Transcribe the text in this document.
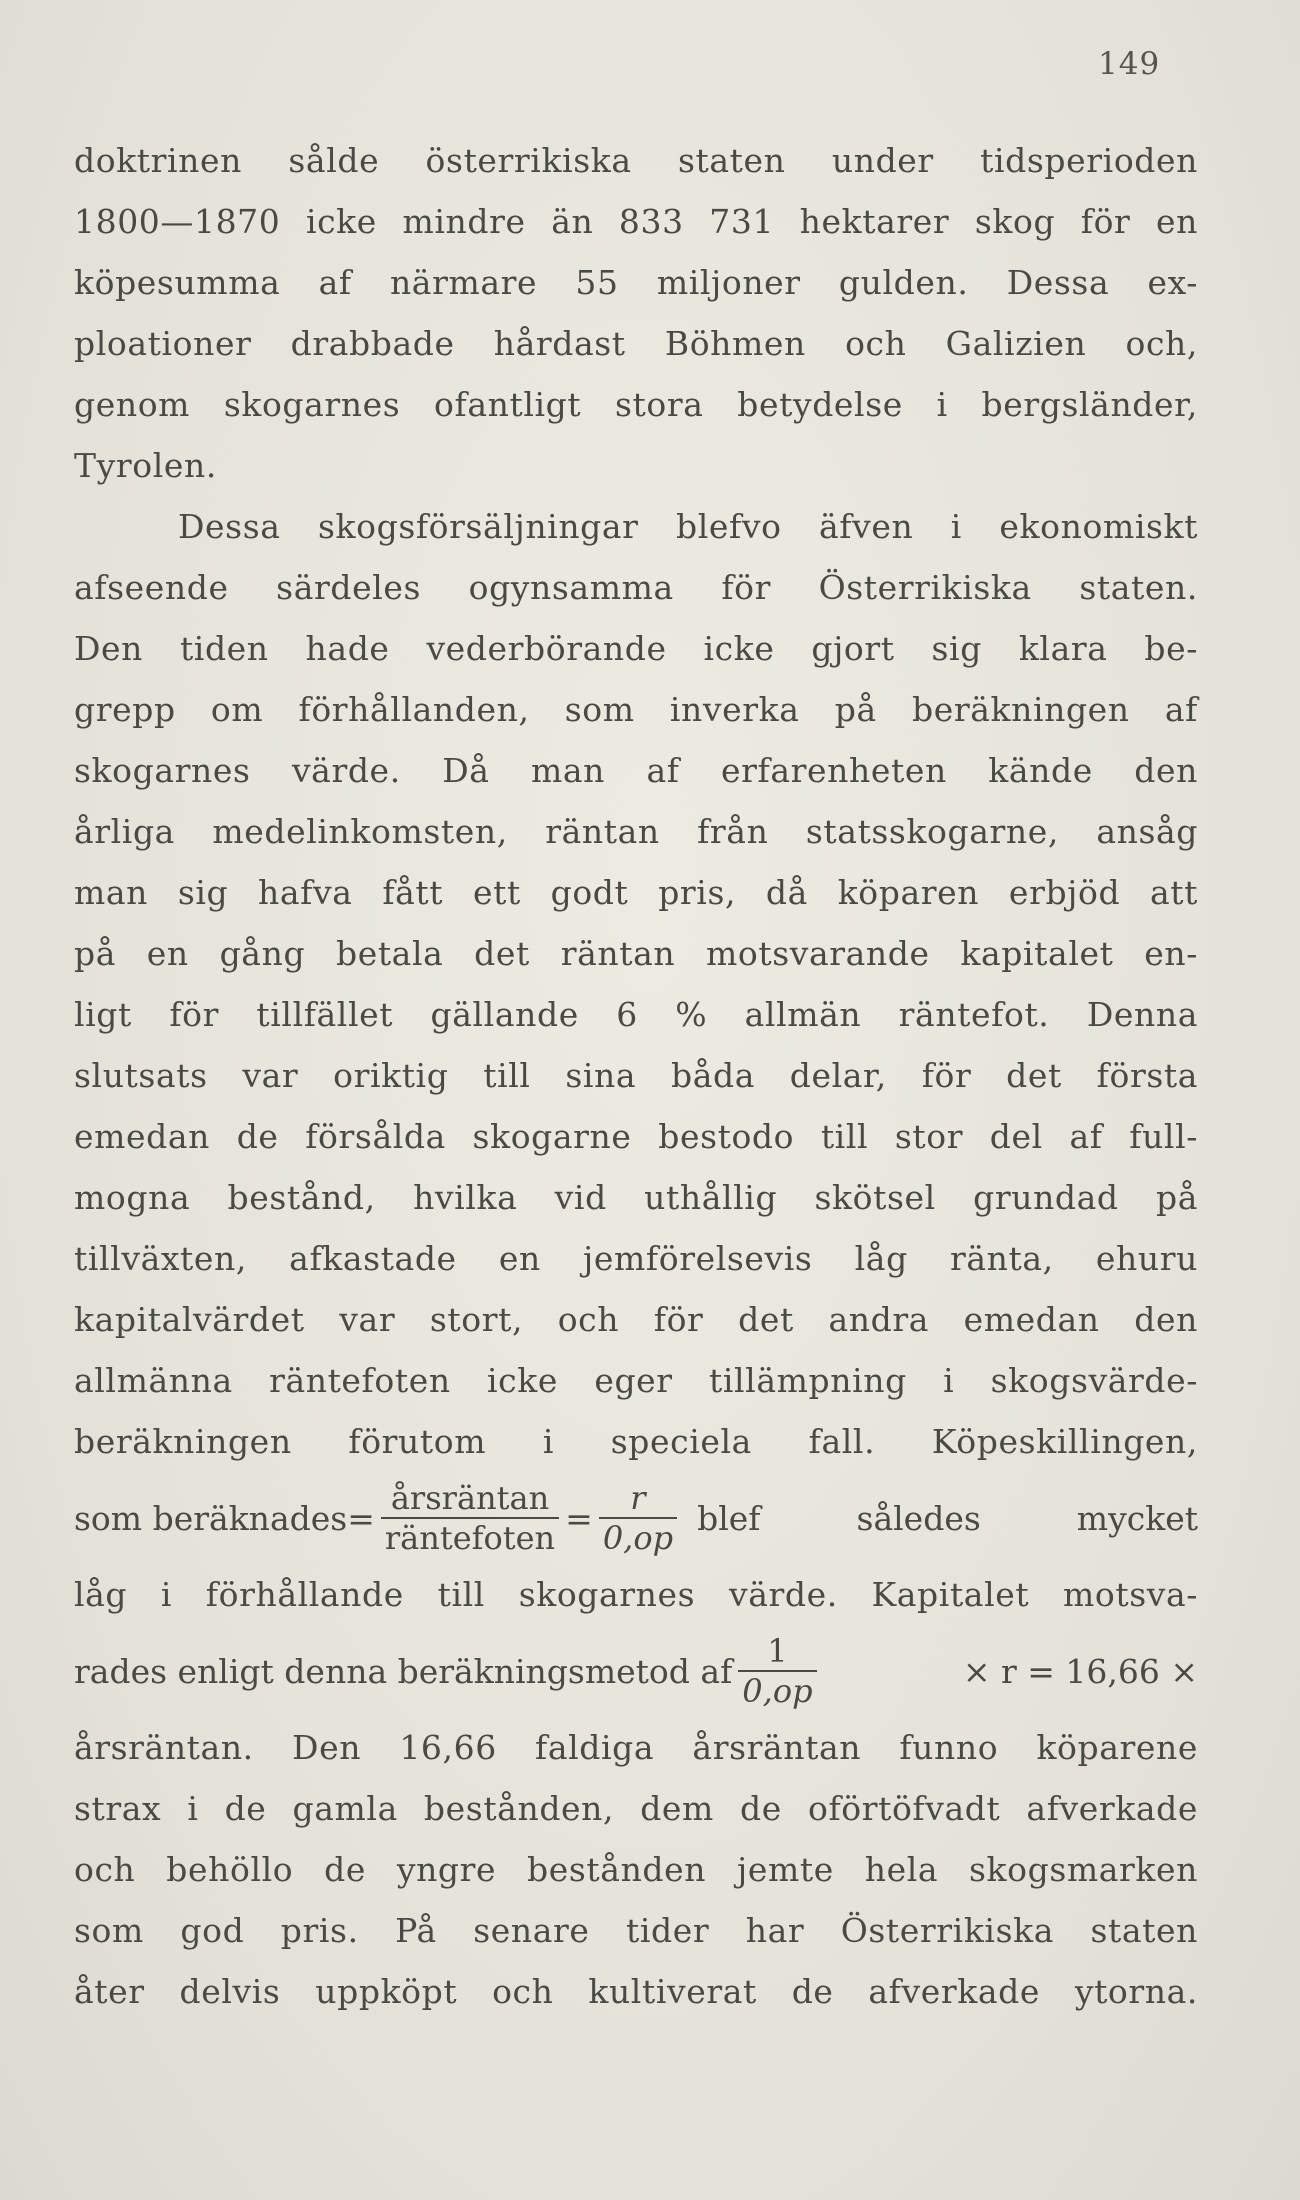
149
doktrinen sålde österrikiska staten under tidsperioden
1800—1870 icke mindre än 833 731 hektarer skog för en
köpesumma af närmare 55 miljoner gulden. Dessa ex-
ploationer drabbade hårdast Böhmen och Galizien och,
genom skogarnes ofantligt stora betydelse i bergsländer,
Tyrolen.
Dessa skogsförsäljningar blefvo äfven i ekonomiskt
afseende särdeles ogynsamma för Österrikiska staten.
Den tiden hade vederbörande icke gjort sig klara be-
grepp om förhållanden, som inverka på beräkningen af
skogarnes värde. Då man af erfarenheten kände den
årliga medelinkomsten, räntan från statsskogarne, ansåg
man sig hafva fått ett godt pris, då köparen erbjöd att
på en gång betala det räntan motsvarande kapitalet en-
ligt för tillfället gällande 6 % allmän räntefot. Denna
slutsats var oriktig till sina båda delar, för det första
emedan de försålda skogarne bestodo till stor del af full-
mogna bestånd, hvilka vid uthållig skötsel grundad på
tillväxten, afkastade en jemförelsevis låg ränta, ehuru
kapitalvärdet var stort, och för det andra emedan den
allmänna räntefoten icke eger tillämpning i skogsvärde-
beräkningen förutom i speciela fall. Köpeskillingen,
som beräknades = $\frac{\text{årsräntan}}{\text{räntefoten}} = \frac{r}{0,op}$ blef således mycket
låg i förhållande till skogarnes värde. Kapitalet motsva-
rades enligt denna beräkningsmetod af $\frac{1}{0,op}$	× r = 16,66 ×
årsräntan. Den 16,66 faldiga årsräntan funno köparene
strax i de gamla bestånden, dem de oförtöfvadt afverkade
och behöllo de yngre bestånden jemte hela skogsmarken
som god pris. På senare tider har Österrikiska staten
åter delvis uppköpt och kultiverat de afverkade ytorna.
